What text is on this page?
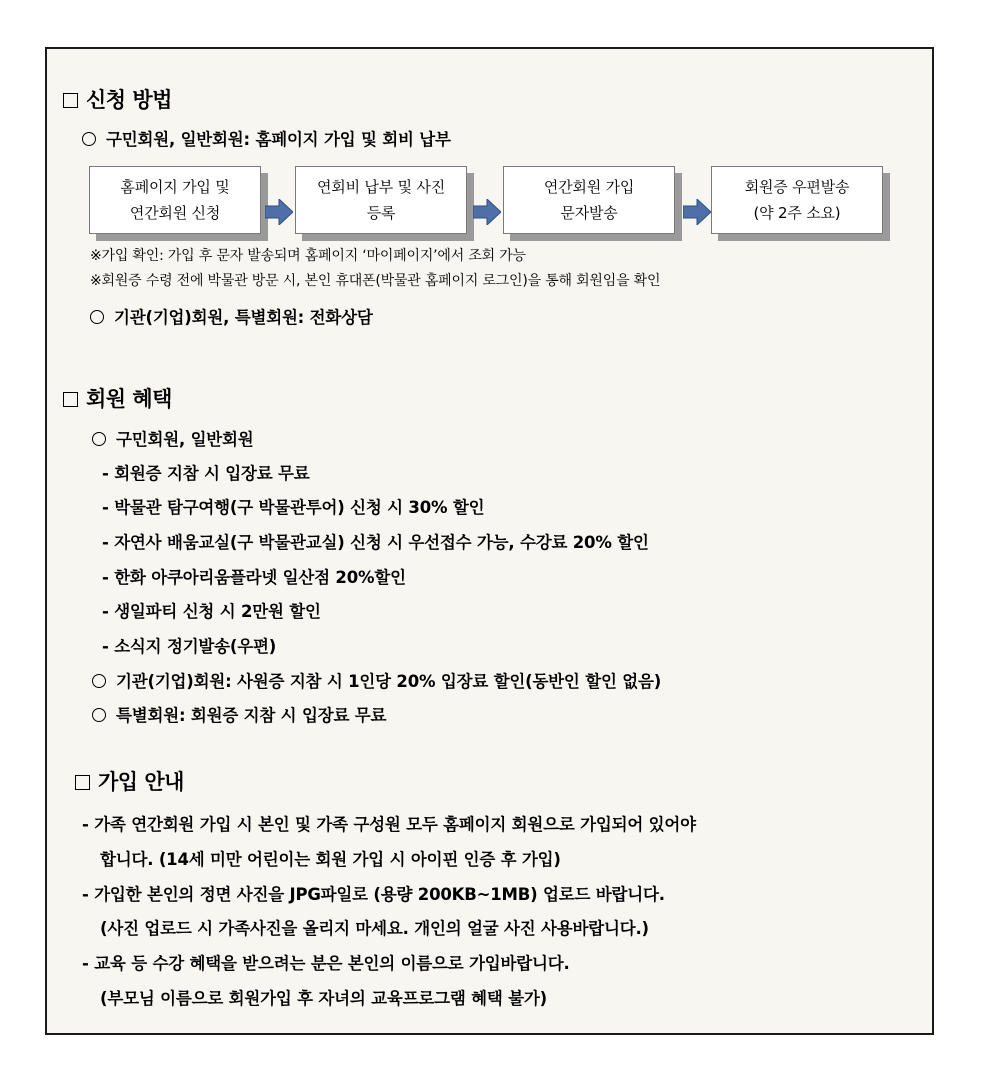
신청 방법
구민회원, 일반회원: 홈페이지 가입 및 회비 납부
홈페이지 가입 및
연간회원 신청
연회비 납부 및 사진
등록
연간회원 가입
문자발송
회원증 우편발송
(약 2주 소요)
※가입 확인: 가입 후 문자 발송되며 홈페이지 ‘마이페이지’에서 조회 가능
※회원증 수령 전에 박물관 방문 시, 본인 휴대폰(박물관 홈페이지 로그인)을 통해 회원임을 확인
기관(기업)회원, 특별회원: 전화상담
회원 혜택
구민회원, 일반회원
- 회원증 지참 시 입장료 무료
- 박물관 탐구여행(구 박물관투어) 신청 시 30% 할인
- 자연사 배움교실(구 박물관교실) 신청 시 우선접수 가능, 수강료 20% 할인
- 한화 아쿠아리움플라넷 일산점 20%할인
- 생일파티 신청 시 2만원 할인
- 소식지 정기발송(우편)
기관(기업)회원: 사원증 지참 시 1인당 20% 입장료 할인(동반인 할인 없음)
특별회원: 회원증 지참 시 입장료 무료
가입 안내
- 가족 연간회원 가입 시 본인 및 가족 구성원 모두 홈페이지 회원으로 가입되어 있어야
합니다. (14세 미만 어린이는 회원 가입 시 아이핀 인증 후 가입)
- 가입한 본인의 정면 사진을 JPG파일로 (용량 200KB~1MB) 업로드 바랍니다.
(사진 업로드 시 가족사진을 올리지 마세요. 개인의 얼굴 사진 사용바랍니다.)
- 교육 등 수강 혜택을 받으려는 분은 본인의 이름으로 가입바랍니다.
(부모님 이름으로 회원가입 후 자녀의 교육프로그램 혜택 불가)
